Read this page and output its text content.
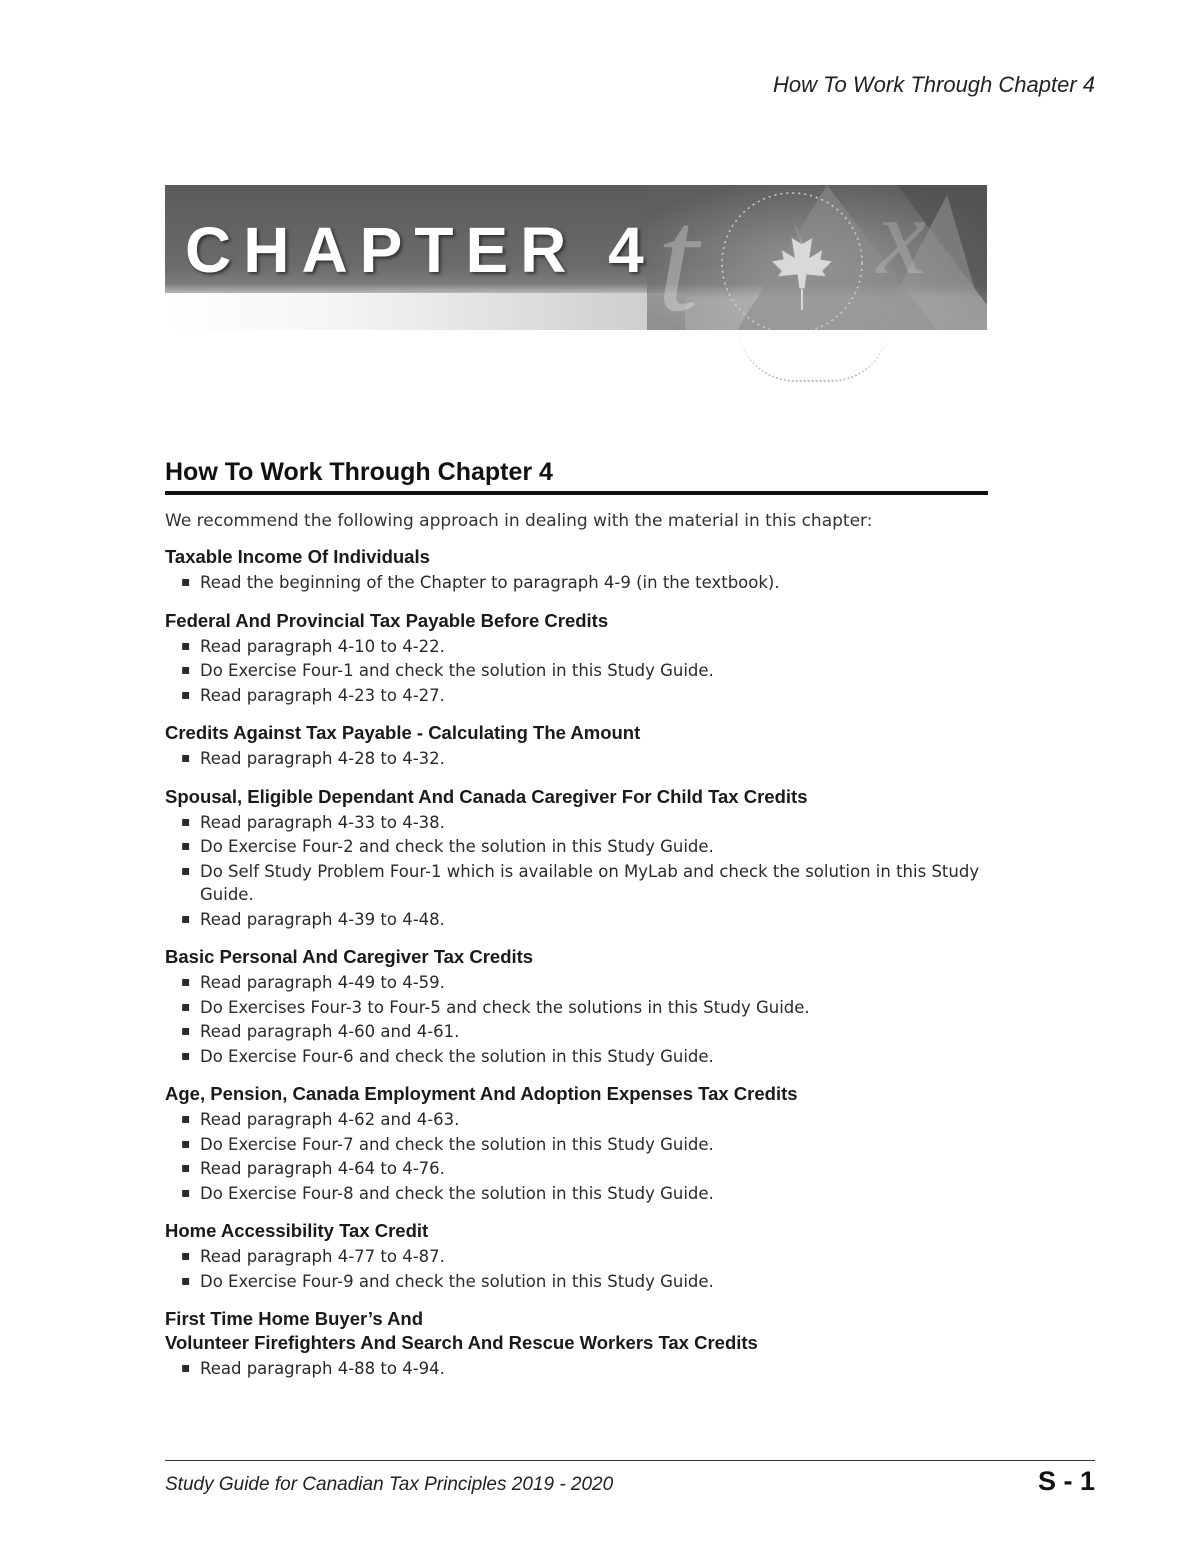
How To Work Through Chapter 4
t x
CHAPTER 4
How To Work Through Chapter 4

We recommend the following approach in dealing with the material in this chapter:

Taxable Income Of Individuals
▪ Read the beginning of the Chapter to paragraph 4-9 (in the textbook).
Federal And Provincial Tax Payable Before Credits
▪ Read paragraph 4-10 to 4-22.
▪ Do Exercise Four-1 and check the solution in this Study Guide.
▪ Read paragraph 4-23 to 4-27.
Credits Against Tax Payable - Calculating The Amount
▪ Read paragraph 4-28 to 4-32.
Spousal, Eligible Dependant And Canada Caregiver For Child Tax Credits
▪ Read paragraph 4-33 to 4-38.
▪ Do Exercise Four-2 and check the solution in this Study Guide.
▪ Do Self Study Problem Four-1 which is available on MyLab and check the solution in this Study Guide.
▪ Read paragraph 4-39 to 4-48.
Basic Personal And Caregiver Tax Credits
▪ Read paragraph 4-49 to 4-59.
▪ Do Exercises Four-3 to Four-5 and check the solutions in this Study Guide.
▪ Read paragraph 4-60 and 4-61.
▪ Do Exercise Four-6 and check the solution in this Study Guide.
Age, Pension, Canada Employment And Adoption Expenses Tax Credits
▪ Read paragraph 4-62 and 4-63.
▪ Do Exercise Four-7 and check the solution in this Study Guide.
▪ Read paragraph 4-64 to 4-76.
▪ Do Exercise Four-8 and check the solution in this Study Guide.
Home Accessibility Tax Credit
▪ Read paragraph 4-77 to 4-87.
▪ Do Exercise Four-9 and check the solution in this Study Guide.
First Time Home Buyer’s And
Volunteer Firefighters And Search And Rescue Workers Tax Credits
▪ Read paragraph 4-88 to 4-94.
Study Guide for Canadian Tax Principles 2019 - 2020	S - 1
